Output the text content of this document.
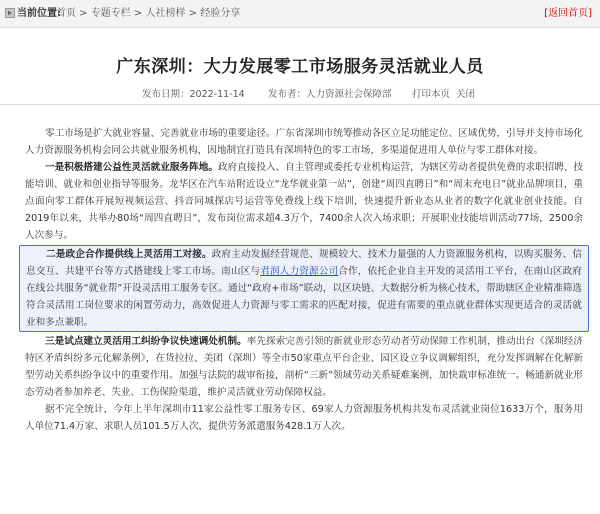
当前位置:
首页 > 专题专栏 > 人社榜样 > 经验分享	[返回首页]
广东深圳：大力发展零工市场服务灵活就业人员
发布日期：2022-11-14 发布者：人力资源社会保障部 打印本页 关闭

零工市场是扩大就业容量、完善就业市场的重要途径。广东省深圳市统筹推动各区立足功能定位、区域优势，引导并支持市场化人力资源服务机构会同公共就业服务机构，因地制宜打造具有深圳特色的零工市场，多渠道促进用人单位与零工群体对接。

一是积极搭建公益性灵活就业服务阵地。政府直接投入、自主管理或委托专业机构运营，为辖区劳动者提供免费的求职招聘、技能培训、就业和创业指导等服务。龙华区在汽车站附近设立“龙华就业第一站”，创建“周四直聘日”和“周末充电日”就业品牌项目，重点面向零工群体开展短视频运营、抖音同城探店号运营等免费线上线下培训，快速提升新业态从业者的数字化就业创业技能。自2019年以来，共举办80场“周四直聘日”，发布岗位需求超4.3万个，7400余人次入场求职；开展职业技能培训活动77场，2500余人次参与。

二是政企合作提供线上灵活用工对接。政府主动发掘经营规范、规模较大、技术力量强的人力资源服务机构，以购买服务、信息交互、共建平台等方式搭建线上零工市场。南山区与君润人力资源公司合作，依托企业自主开发的灵活用工平台，在南山区政府在线公共服务“就业帮”开设灵活用工服务专区。通过“政府+市场”联动，以区块链、大数据分析为核心技术，帮助辖区企业精准筛选符合灵活用工岗位要求的闲置劳动力，高效促进人力资源与零工需求的匹配对接，促进有需要的重点就业群体实现更适合的灵活就业和多点兼职。

三是试点建立灵活用工纠纷争议快速调处机制。率先探索完善引领的新就业形态劳动者劳动保障工作机制，推动出台《深圳经济特区矛盾纠纷多元化解条例》，在货拉拉、美团（深圳）等全市50家重点平台企业、园区设立争议调解组织，充分发挥调解在化解新型劳动关系纠纷争议中的重要作用。加强与法院的裁审衔接，剖析“三新”领域劳动关系疑难案例，加快裁审标准统一。畅通新就业形态劳动者参加养老、失业、工伤保险渠道，维护灵活就业劳动保障权益。

据不完全统计，今年上半年深圳市11家公益性零工服务专区、69家人力资源服务机构共发布灵活就业岗位1633万个，服务用人单位71.4万家、求职人员101.5万人次，提供劳务派遣服务428.1万人次。
